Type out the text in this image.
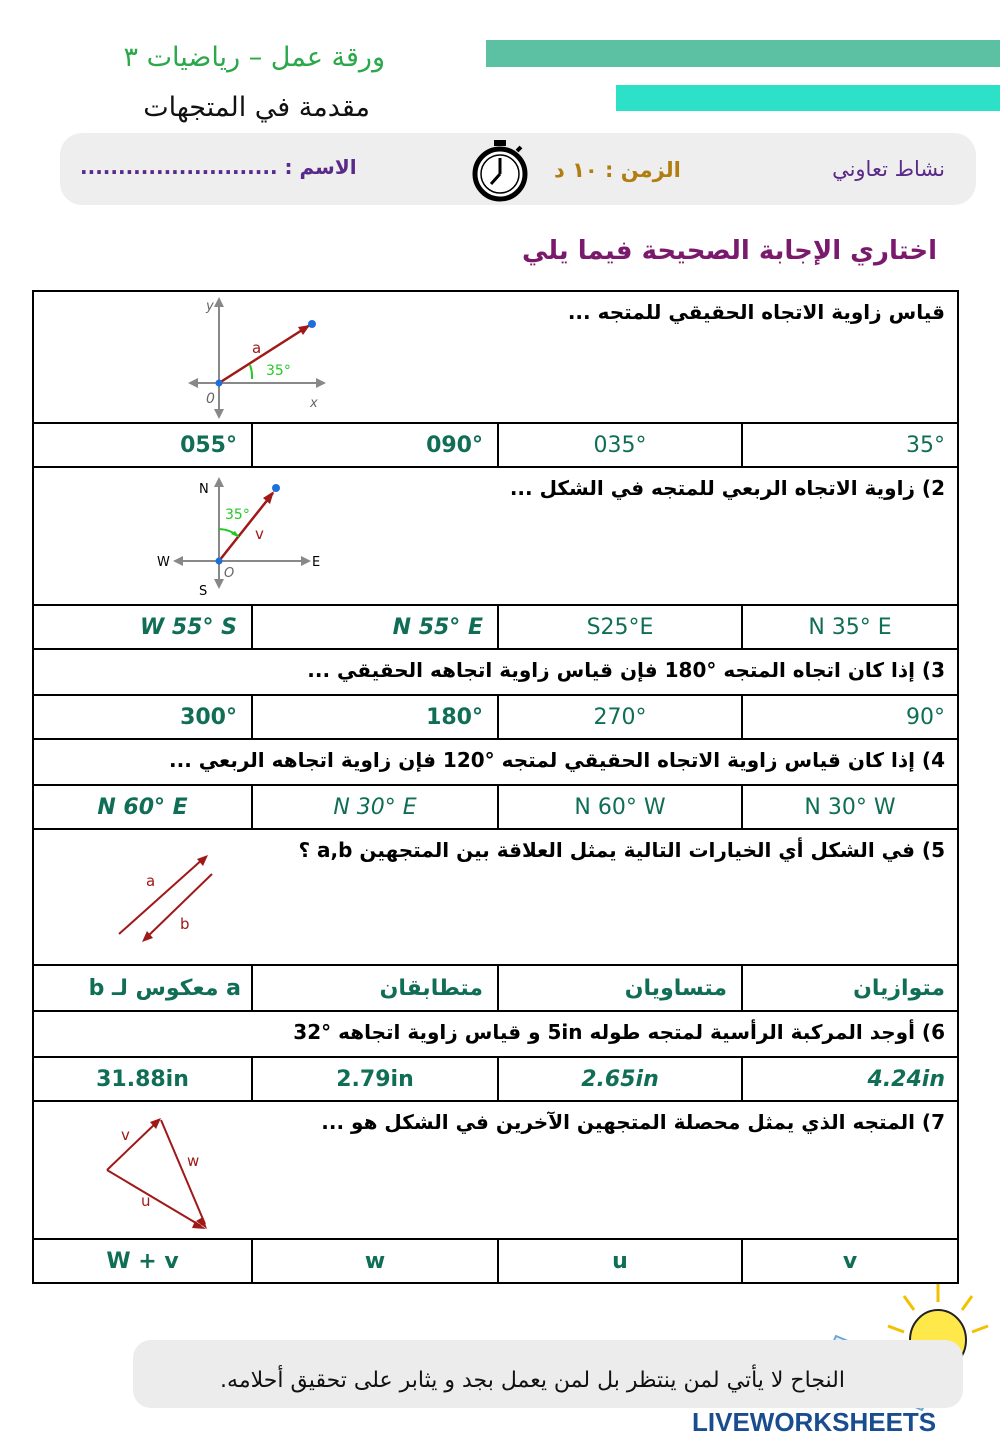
ورقة عمل – رياضيات ٣
مقدمة في المتجهات
نشاط تعاوني
الزمن : ١٠ د
الاسم : ..........................
اختاري الإجابة الصحيحة فيما يلي
قياس زاوية الاتجاه الحقيقي للمتجه ...
y
0	x
a
35°
35°
035°
090°
055°
2) زاوية الاتجاه الربعي للمتجه في الشكل ...
N
S
E
W
O
35°
v
N 35° E
S25°E
N 55° E
W 55° S
3) إذا كان اتجاه المتجه °180 فإن قياس زاوية اتجاهه الحقيقي ...
90°
270°
180°
300°
4) إذا كان قياس زاوية الاتجاه الحقيقي لمتجه °120 فإن زاوية اتجاهه الربعي ...
N 30° W
N 60° W
N 30° E
N 60° E
5) في الشكل أي الخيارات التالية يمثل العلاقة بين المتجهين a,b ؟
a
b
متوازيان
متساويان
متطابقان
a معكوس لـ b
6) أوجد المركبة الرأسية لمتجه طوله 5in و قياس زاوية اتجاهه °32
4.24in
2.65in
2.79in
31.88in
7) المتجه الذي يمثل محصلة المتجهين الآخرين في الشكل هو ...
v
w
u
v
u
w
W + v
النجاح لا يأتي لمن ينتظر بل لمن يعمل بجد و يثابر على تحقيق أحلامه.
LIVEWORKSHEETS
